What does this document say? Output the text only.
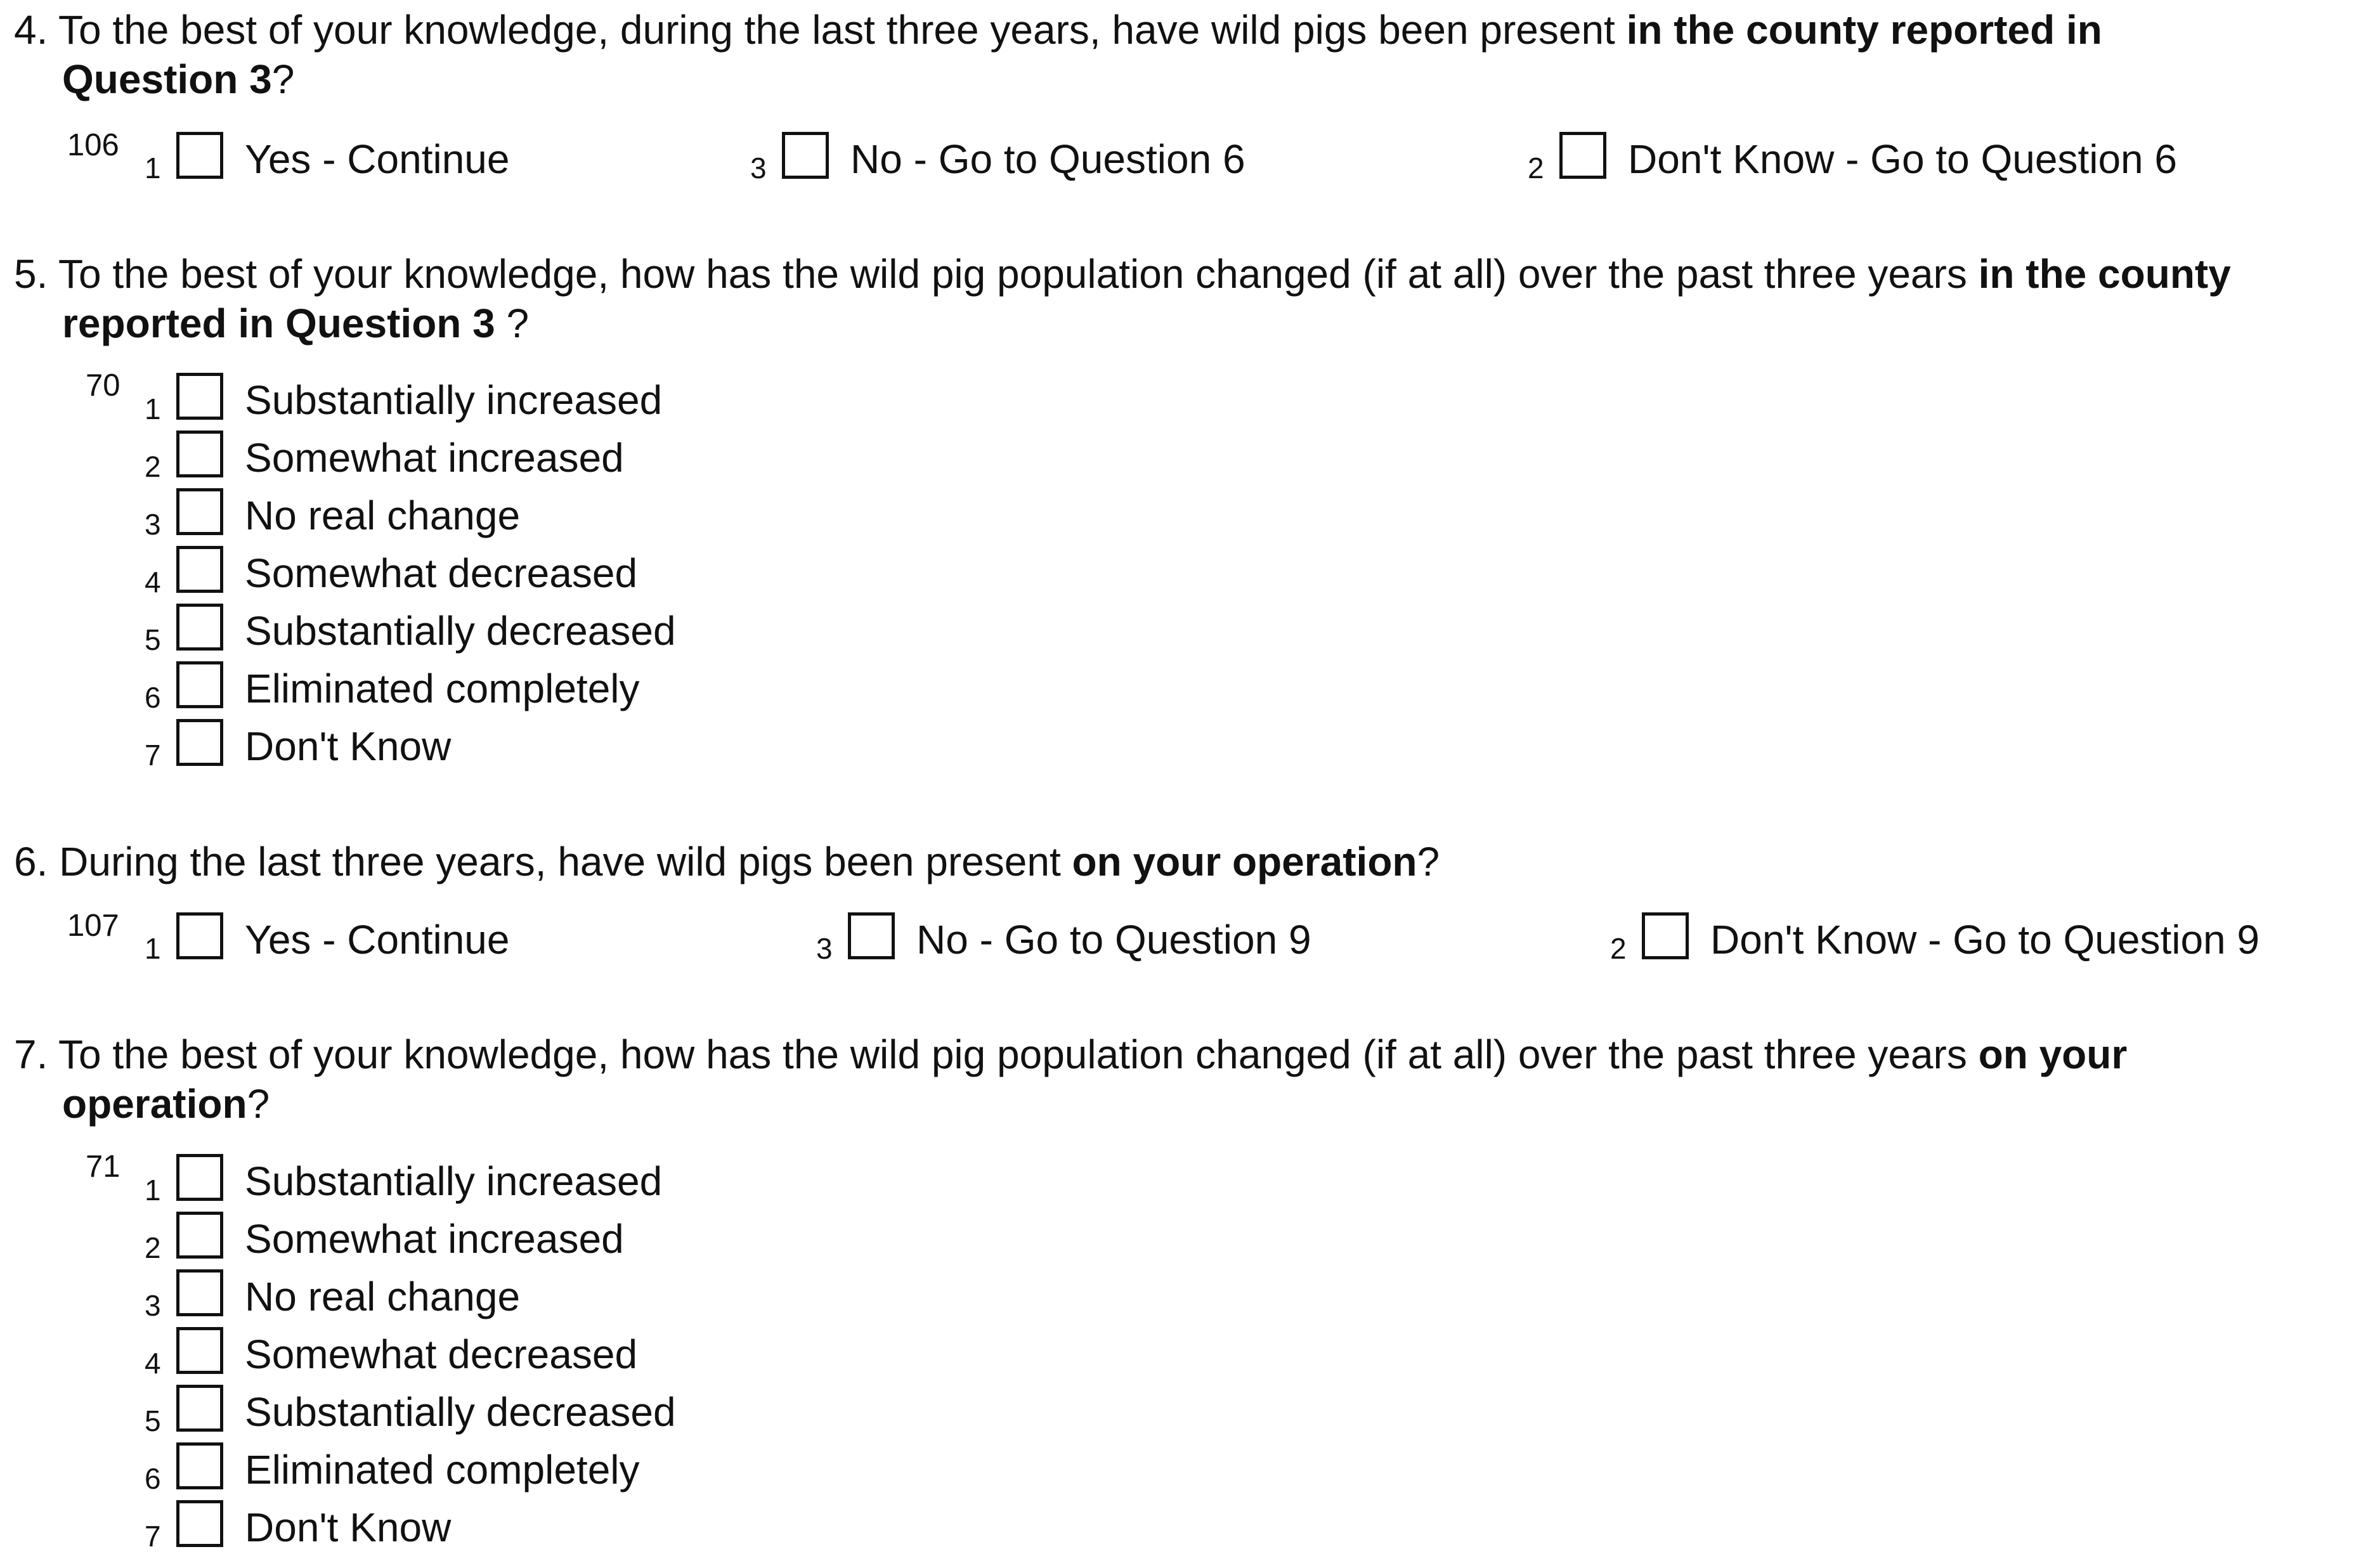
4. To the best of your knowledge, during the last three years, have wild pigs been present in the county reported in
Question 3?
106
1 Yes - Continue	3 No - Go to Question 6	2 Don't Know - Go to Question 6
5. To the best of your knowledge, how has the wild pig population changed (if at all) over the past three years in the county
reported in Question 3 ?
70
1 Substantially increased
2 Somewhat increased
3 No real change
4 Somewhat decreased
5 Substantially decreased
6 Eliminated completely
7 Don't Know
6. During the last three years, have wild pigs been present on your operation?
107
1 Yes - Continue	3 No - Go to Question 9	2 Don't Know - Go to Question 9
7. To the best of your knowledge, how has the wild pig population changed (if at all) over the past three years on your
operation?
71
1 Substantially increased
2 Somewhat increased
3 No real change
4 Somewhat decreased
5 Substantially decreased
6 Eliminated completely
7 Don't Know
